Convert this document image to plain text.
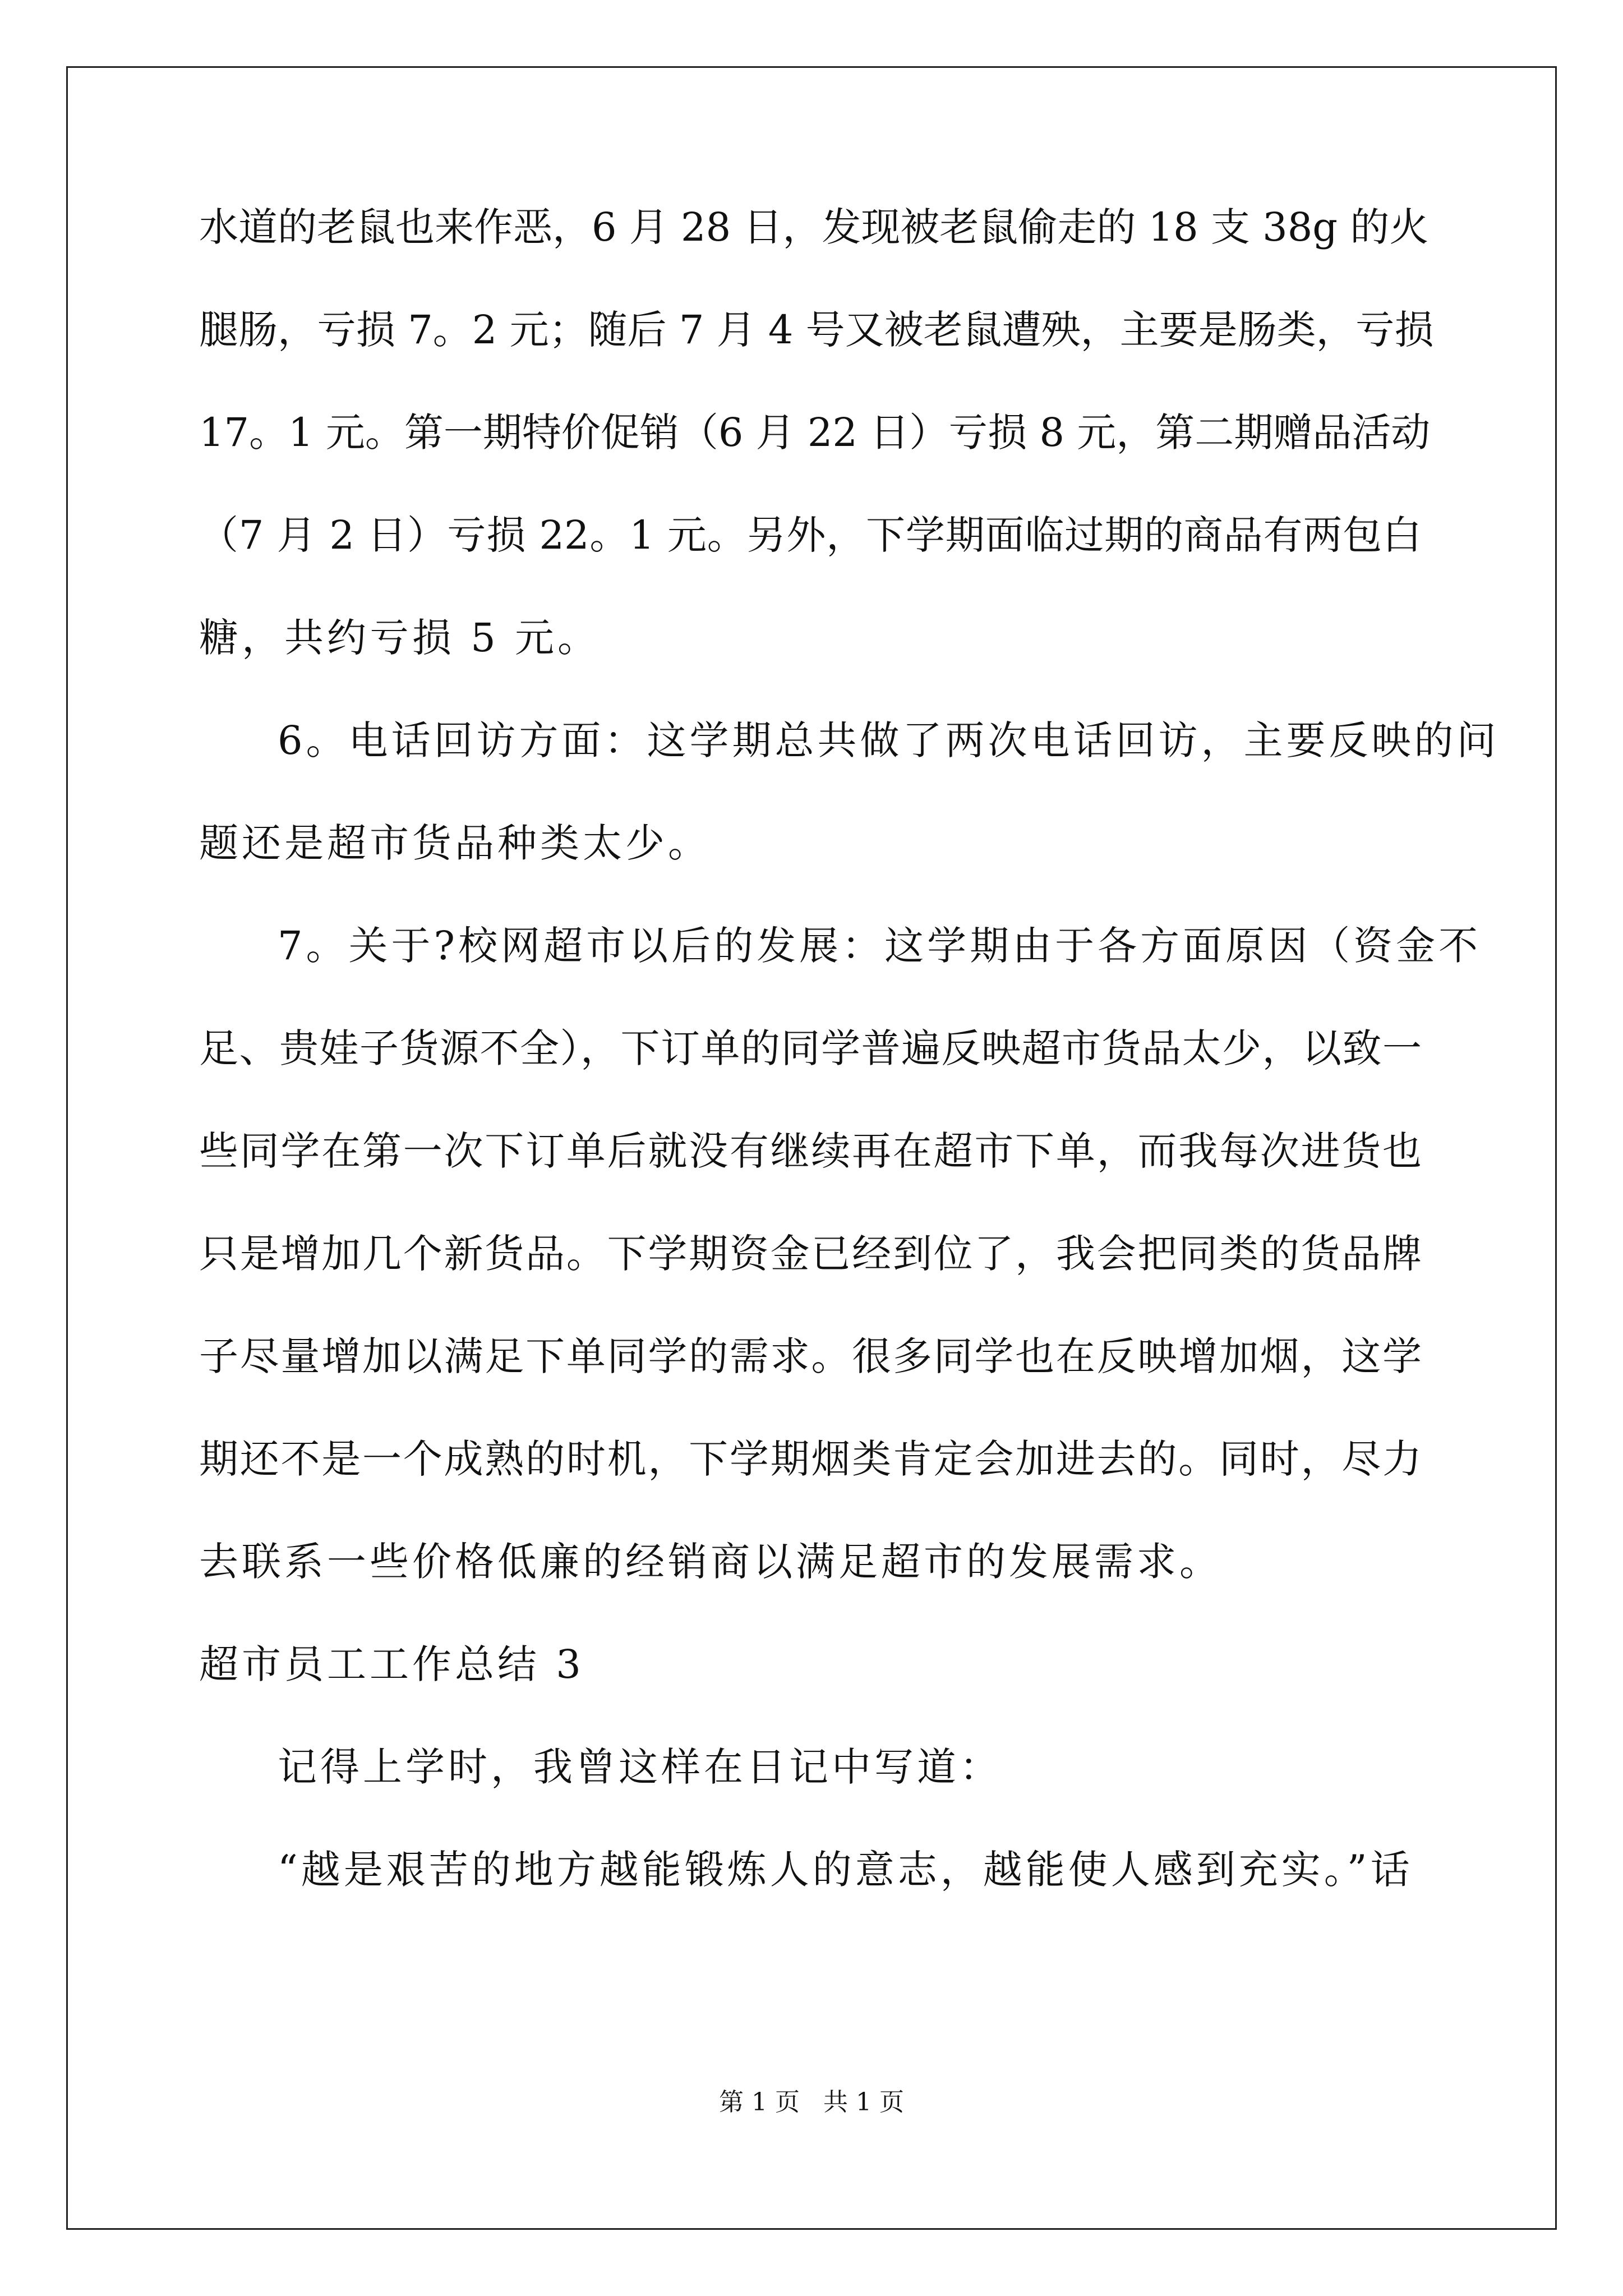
水道的老鼠也来作恶，6 月 28 日，发现被老鼠偷走的 18 支 38g 的火
腿肠，亏损 7。2 元；随后 7 月 4 号又被老鼠遭殃，主要是肠类，亏损
17。1 元。第一期特价促销（6 月 22 日）亏损 8 元，第二期赠品活动
（7 月 2 日）亏损 22。1 元。另外，下学期面临过期的商品有两包白
糖，共约亏损 5 元。
6。电话回访方面：这学期总共做了两次电话回访，主要反映的问
题还是超市货品种类太少。
7。关于?校网超市以后的发展：这学期由于各方面原因（资金不
足、贵娃子货源不全），下订单的同学普遍反映超市货品太少，以致一
些同学在第一次下订单后就没有继续再在超市下单，而我每次进货也
只是增加几个新货品。下学期资金已经到位了，我会把同类的货品牌
子尽量增加以满足下单同学的需求。很多同学也在反映增加烟，这学
期还不是一个成熟的时机，下学期烟类肯定会加进去的。同时，尽力
去联系一些价格低廉的经销商以满足超市的发展需求。
超市员工工作总结 3
记得上学时，我曾这样在日记中写道：
“越是艰苦的地方越能锻炼人的意志，越能使人感到充实。”话
第 1 页   共 1 页
